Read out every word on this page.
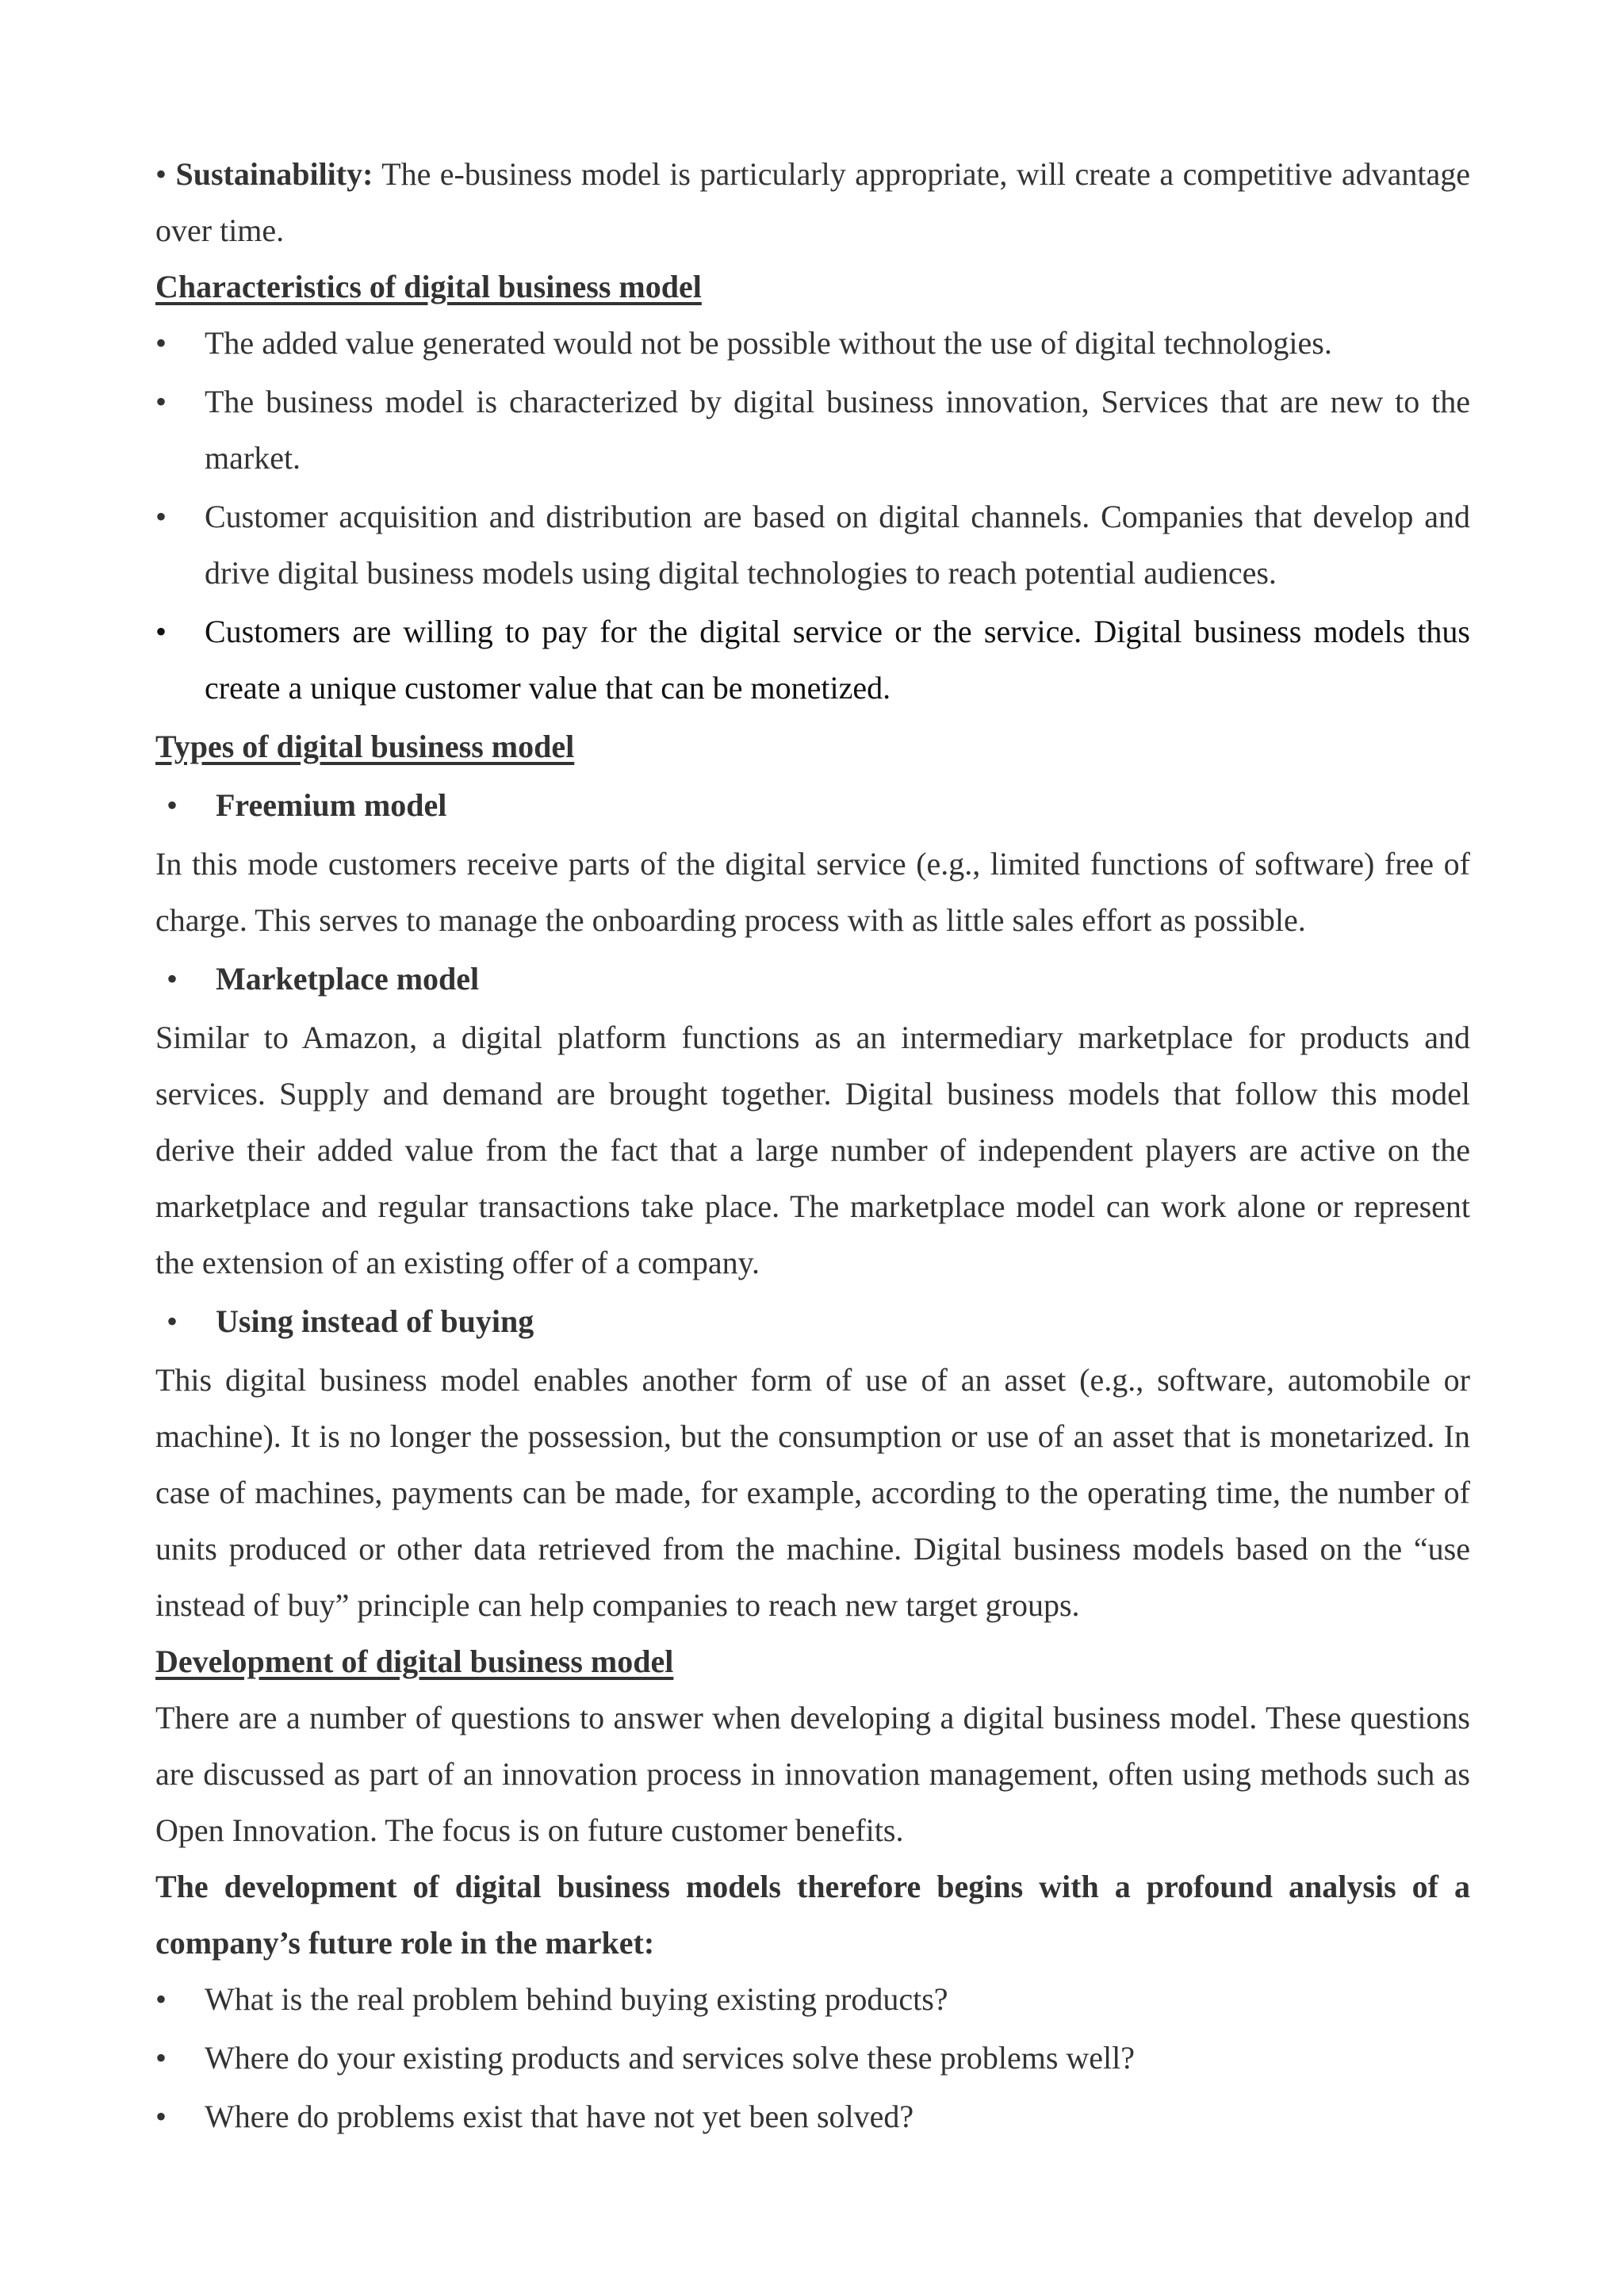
• Sustainability: The e-business model is particularly appropriate, will create a competitive advantage over time.

Characteristics of digital business model

• The added value generated would not be possible without the use of digital technologies.
• The business model is characterized by digital business innovation, Services that are new to the market.
• Customer acquisition and distribution are based on digital channels. Companies that develop and drive digital business models using digital technologies to reach potential audiences.
• Customers are willing to pay for the digital service or the service. Digital business models thus create a unique customer value that can be monetized.

Types of digital business model

• Freemium model

In this mode customers receive parts of the digital service (e.g., limited functions of software) free of charge. This serves to manage the onboarding process with as little sales effort as possible.

• Marketplace model

Similar to Amazon, a digital platform functions as an intermediary marketplace for products and services. Supply and demand are brought together. Digital business models that follow this model derive their added value from the fact that a large number of independent players are active on the marketplace and regular transactions take place. The marketplace model can work alone or represent the extension of an existing offer of a company.

• Using instead of buying

This digital business model enables another form of use of an asset (e.g., software, automobile or machine). It is no longer the possession, but the consumption or use of an asset that is monetarized. In case of machines, payments can be made, for example, according to the operating time, the number of units produced or other data retrieved from the machine. Digital business models based on the “use instead of buy” principle can help companies to reach new target groups.

Development of digital business model

There are a number of questions to answer when developing a digital business model. These questions are discussed as part of an innovation process in innovation management, often using methods such as Open Innovation. The focus is on future customer benefits.

The development of digital business models therefore begins with a profound analysis of a company’s future role in the market:

• What is the real problem behind buying existing products?
• Where do your existing products and services solve these problems well?
• Where do problems exist that have not yet been solved?
